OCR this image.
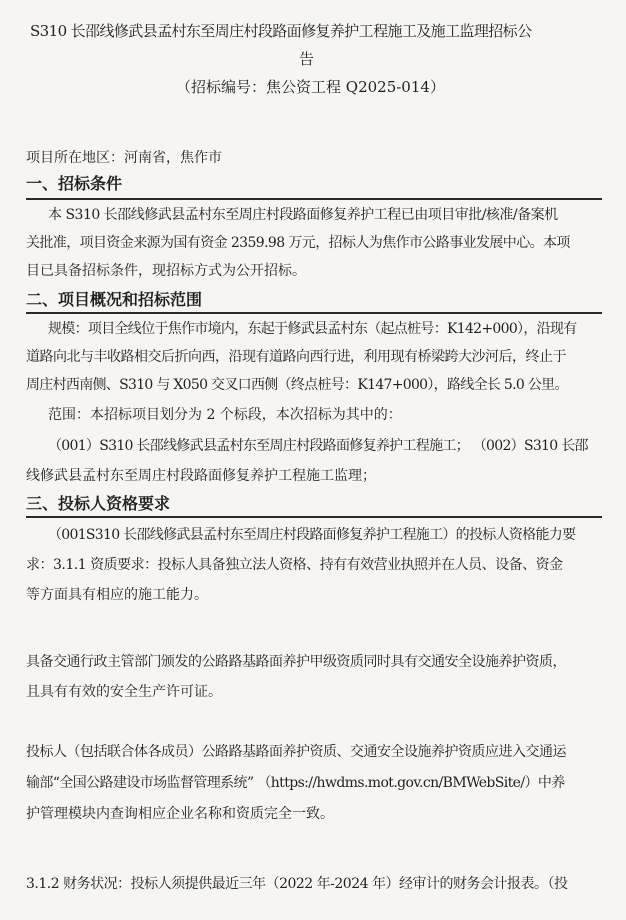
S310 长邵线修武县孟村东至周庄村段路面修复养护工程施工及施工监理招标公
告
（招标编号：焦公资工程 Q2025-014）
项目所在地区：河南省，焦作市
一、招标条件
本 S310 长邵线修武县孟村东至周庄村段路面修复养护工程已由项目审批/核准/备案机
关批准，项目资金来源为国有资金 2359.98 万元，招标人为焦作市公路事业发展中心。本项
目已具备招标条件，现招标方式为公开招标。
二、项目概况和招标范围
规模：项目全线位于焦作市境内，东起于修武县孟村东（起点桩号：K142+000），沿现有
道路向北与丰收路相交后折向西，沿现有道路向西行进，利用现有桥梁跨大沙河后，终止于
周庄村西南侧、S310 与 X050 交叉口西侧（终点桩号：K147+000），路线全长 5.0 公里。
范围：本招标项目划分为 2 个标段，本次招标为其中的：
（001）S310 长邵线修武县孟村东至周庄村段路面修复养护工程施工； （002）S310 长邵
线修武县孟村东至周庄村段路面修复养护工程施工监理；
三、投标人资格要求
（001S310 长邵线修武县孟村东至周庄村段路面修复养护工程施工）的投标人资格能力要
求：3.1.1 资质要求：投标人具备独立法人资格、持有有效营业执照并在人员、设备、资金
等方面具有相应的施工能力。
具备交通行政主管部门颁发的公路路基路面养护甲级资质同时具有交通安全设施养护资质，
且具有有效的安全生产许可证。
投标人（包括联合体各成员）公路路基路面养护资质、交通安全设施养护资质应进入交通运
输部“全国公路建设市场监督管理系统” （https://hwdms.mot.gov.cn/BMWebSite/）中养
护管理模块内查询相应企业名称和资质完全一致。
3.1.2 财务状况：投标人须提供最近三年（2022 年-2024 年）经审计的财务会计报表。（投
